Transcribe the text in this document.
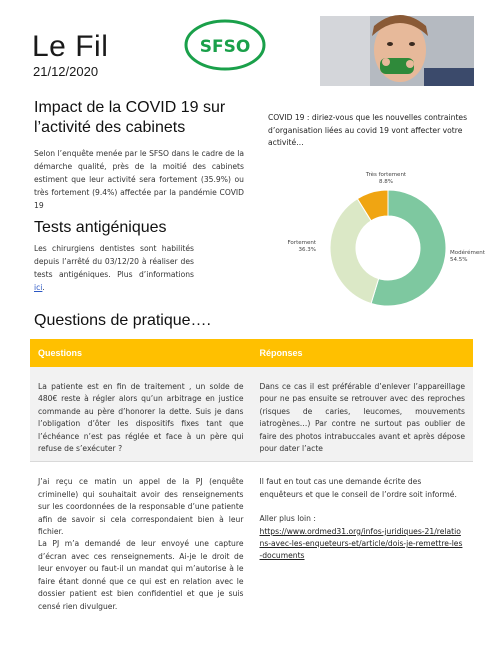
Le Fil
21/12/2020
SFSO
Impact de la COVID 19 sur l’activité des cabinets
Selon l’enquête menée par le SFSO dans le cadre de la démarche qualité, près de la moitié des cabinets estiment que leur activité sera fortement (35.9%) ou très fortement (9.4%) affectée par la pandémie COVID 19
Tests antigéniques
Les chirurgiens dentistes sont habilités depuis l’arrêté du 03/12/20 à réaliser des tests antigéniques. Plus d’informations ici.
COVID 19 : diriez-vous que les nouvelles contraintes d’organisation liées au covid 19 vont affecter votre activité…
Modérément
54.5%
Fortement
36.3%
Très fortement
8.8%
Questions de pratique….
Questions	Réponses
La patiente est en fin de traitement , un solde de 480€ reste à régler alors qu’un arbitrage en justice commande au père d’honorer la dette. Suis je dans l’obligation d’ôter les dispositifs fixes tant que l’échéance n’est pas réglée et face à un père qui refuse de s’exécuter ?
Dans ce cas il est préférable d’enlever l’appareillage pour ne pas ensuite se retrouver avec des reproches (risques de caries, leucomes, mouvements iatrogènes…) Par contre ne surtout pas oublier de faire des photos intrabuccales avant et après dépose pour dater l’acte
J’ai reçu ce matin un appel de la PJ (enquête criminelle) qui souhaitait avoir des renseignements sur les coordonnées de la responsable d’une patiente afin de savoir si cela correspondaient bien à leur fichier.
La PJ m’a demandé de leur envoyé une capture d’écran avec ces renseignements. Ai-je le droit de leur envoyer ou faut-il un mandat qui m’autorise à le faire étant donné que ce qui est en relation avec le dossier patient est bien confidentiel et que je suis censé rien divulguer.
Il faut en tout cas une demande écrite des enquêteurs et que le conseil de l’ordre soit informé.
Aller plus loin :
https://www.ordmed31.org/infos-juridiques-21/relations-avec-les-enqueteurs-et/article/dois-je-remettre-les-documents
